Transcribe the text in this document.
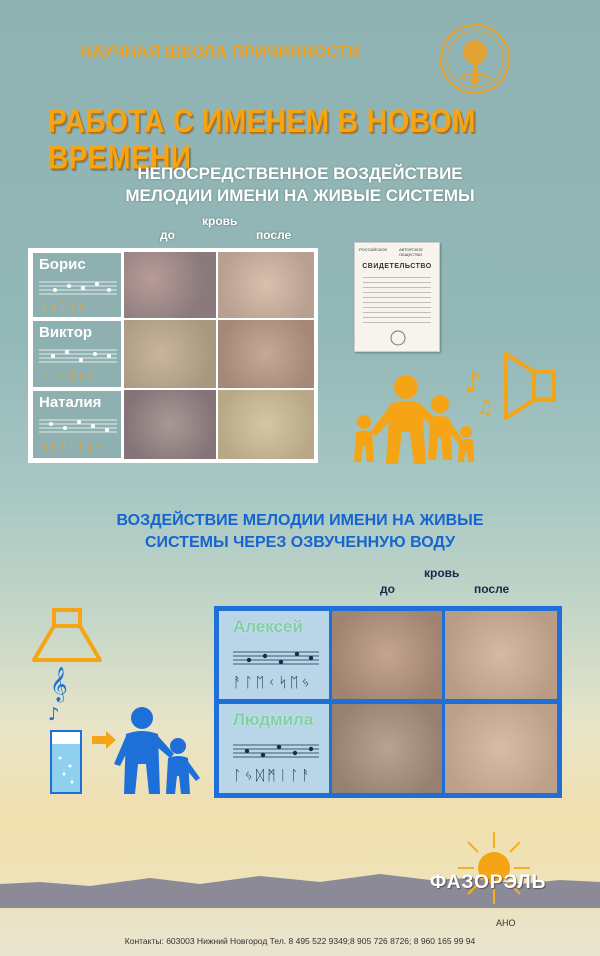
НАУЧНАЯ ШКОЛА ПРИЧИННОСТИ
РАБОТА С ИМЕНЕМ В НОВОМ ВРЕМЕНИ
НЕПОСРЕДСТВЕННОЕ ВОЗДЕЙСТВИЕ
МЕЛОДИИ ИМЕНИ НА ЖИВЫЕ СИСТЕМЫ
кровь
до	после
Борис
ᛒᛟᚱᛁᛋ
Виктор
ᚹᛁᚲᛏᛟᚱ
Наталия
ᚾᚨᛏᚨᛚᛁᛃ
РОССИЙСКОЕ	АВТОРСКОЕ ОБЩЕСТВО
СВИДЕТЕЛЬСТВО
♪
♫
ВОЗДЕЙСТВИЕ МЕЛОДИИ ИМЕНИ НА ЖИВЫЕ
СИСТЕМЫ ЧЕРЕЗ ОЗВУЧЕННУЮ ВОДУ
кровь
до	после
𝄞
♪
Алексей
ᚨᛚᛖᚲᛋᛖᛃ
Людмила
ᛚᛃᛞᛗᛁᛚᚨ
ФАЗОРЭЛЬ
АНО
Контакты: 603003 Нижний Новгород Тел. 8 495 522 9349;8 905 726 8726; 8 960 165 99 94
